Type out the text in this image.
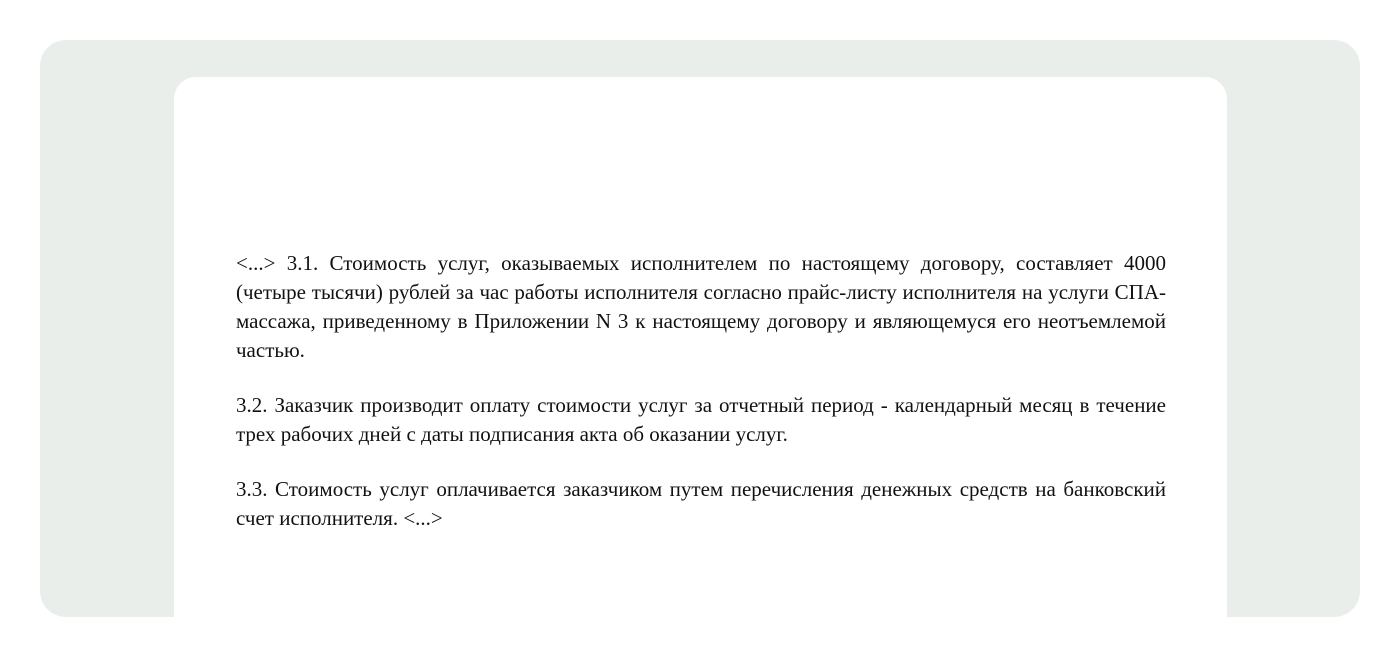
<...> 3.1. Стоимость услуг, оказываемых исполнителем по настоящему договору, составляет 4000 (четыре тысячи) рублей за час работы исполнителя согласно прайс-листу исполнителя на услуги СПА-массажа, приведенному в Приложении N 3 к настоящему договору и являющемуся его неотъемлемой частью.

3.2. Заказчик производит оплату стоимости услуг за отчетный период - календарный месяц в течение трех рабочих дней с даты подписания акта об оказании услуг.

3.3. Стоимость услуг оплачивается заказчиком путем перечисления денежных средств на банковский счет исполнителя. <...>
